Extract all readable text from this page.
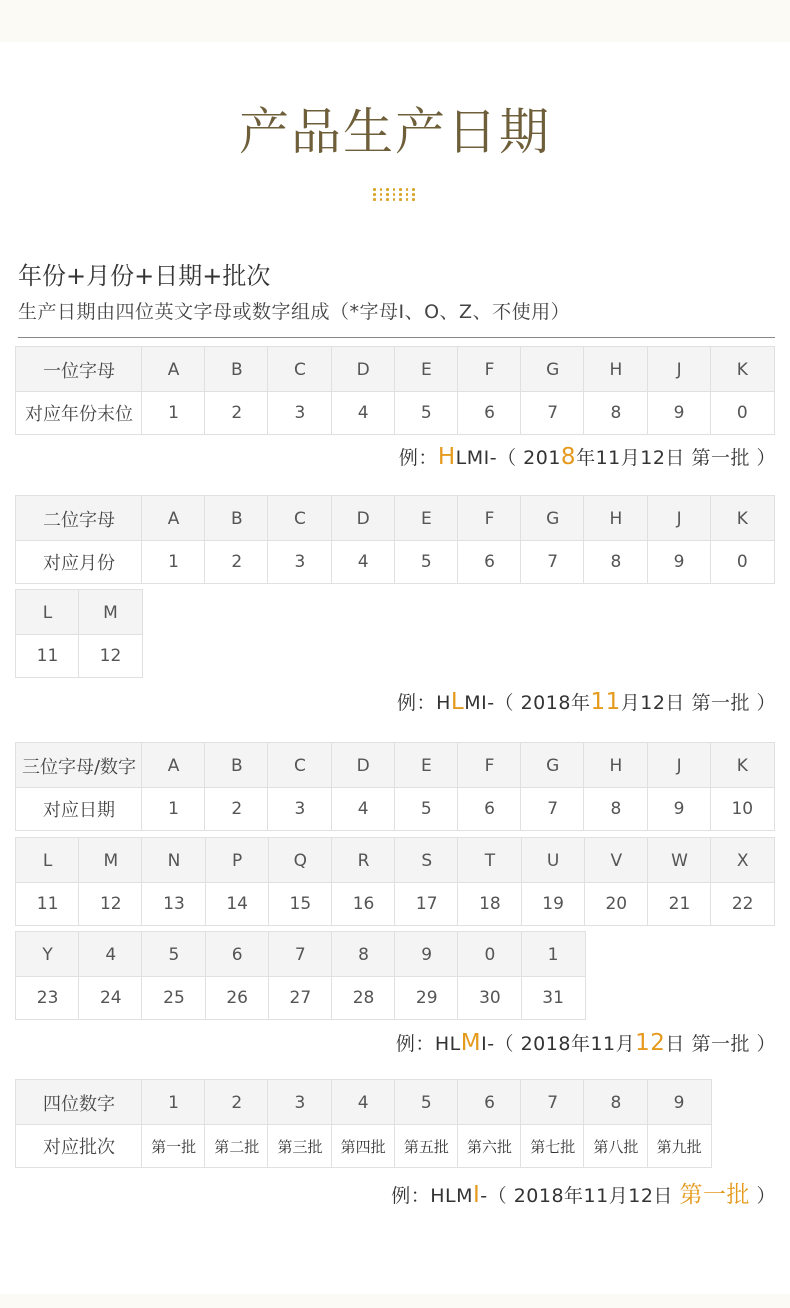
产品生产日期
年份+月份+日期+批次
生产日期由四位英文字母或数字组成（*字母I、O、Z、不使用）
一位字母	A	B	C	D	E	F	G	H	J	K
对应年份末位	1	2	3	4	5	6	7	8	9	0
例：HLMI-（ 2018年11月12日 第一批 ）
二位字母	A	B	C	D	E	F	G	H	J	K
对应月份	1	2	3	4	5	6	7	8	9	0
L	M
11	12
例：HLMI-（ 2018年11月12日 第一批 ）
三位字母/数字	A	B	C	D	E	F	G	H	J	K
对应日期	1	2	3	4	5	6	7	8	9	10
L	M	N	P	Q	R	S	T	U	V	W	X
11	12	13	14	15	16	17	18	19	20	21	22
Y	4	5	6	7	8	9	0	1
23	24	25	26	27	28	29	30	31
例：HLMI-（ 2018年11月12日 第一批 ）
四位数字	1	2	3	4	5	6	7	8	9
对应批次	第一批	第二批	第三批	第四批	第五批	第六批	第七批	第八批	第九批
例：HLMI-（ 2018年11月12日 第一批 ）
